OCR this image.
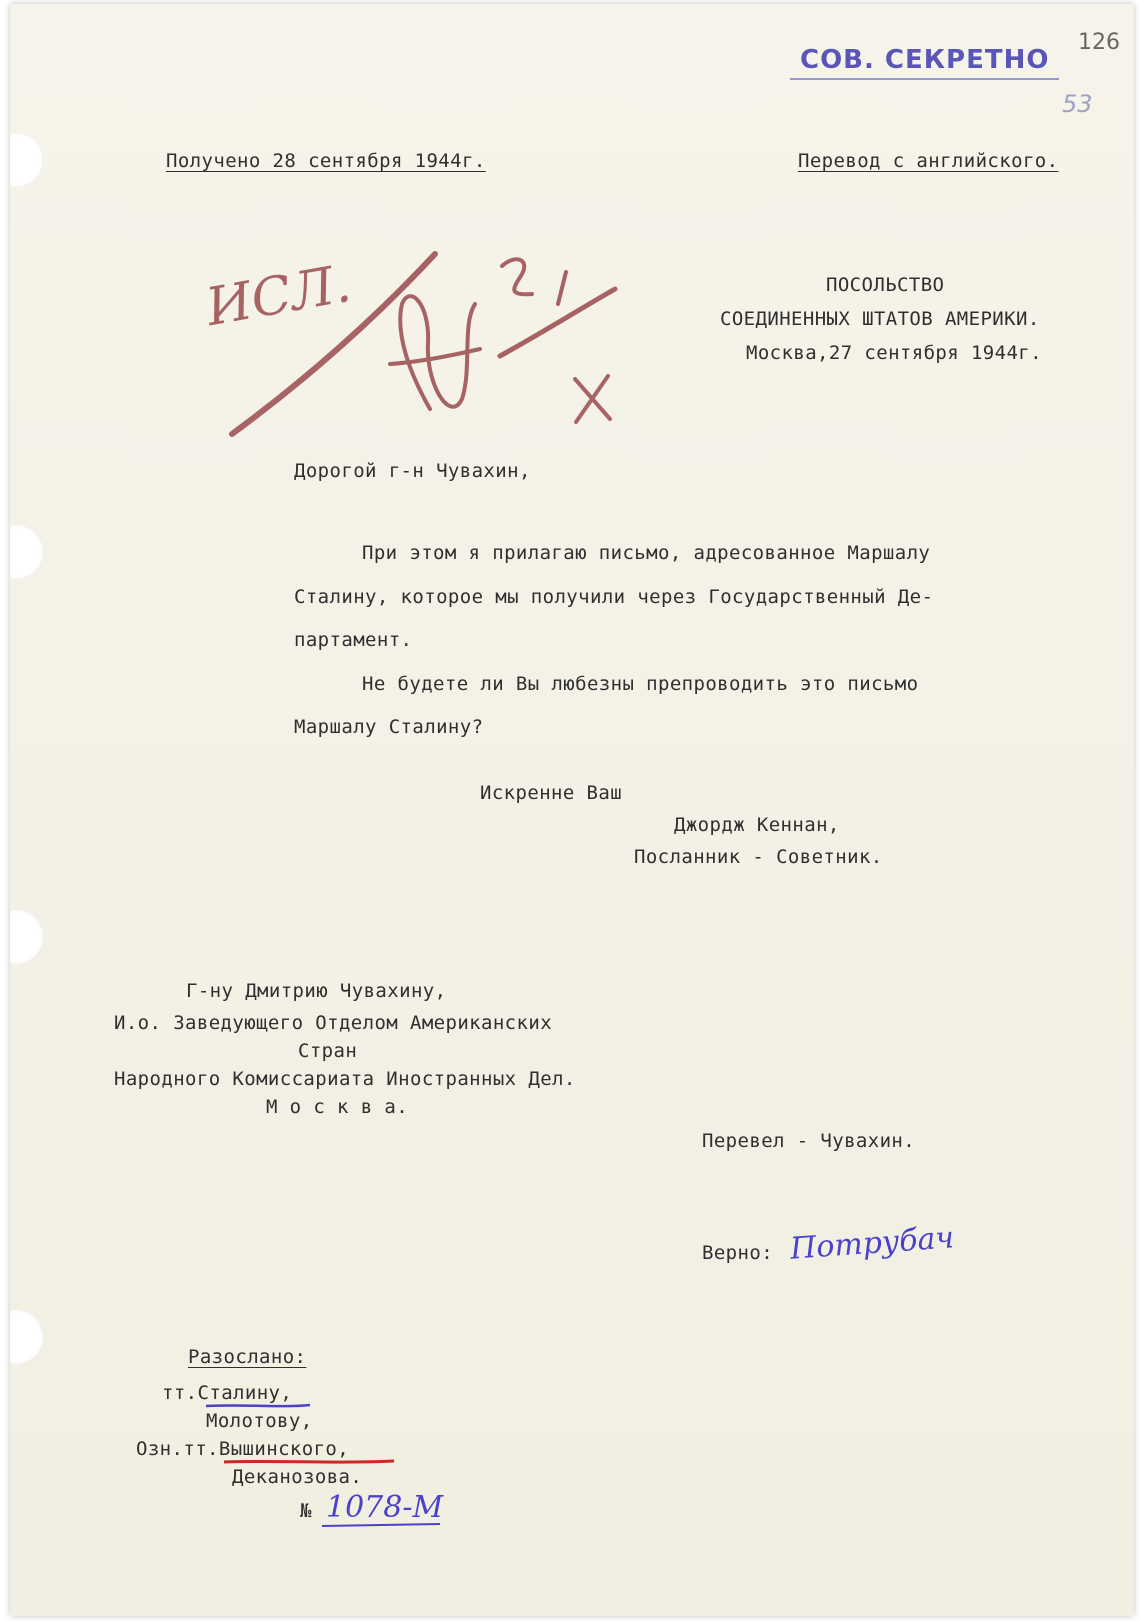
СОВ. СЕКРЕТНО
126
53
Получено 28 сентября 1944г.	Перевод с английского.
ИСЛ.	ПОСОЛЬСТВО
СОЕДИНЕННЫХ ШТАТОВ АМЕРИКИ.
Москва,27 сентября 1944г.
Дорогой г-н Чувахин,
При этом я прилагаю письмо, адресованное Маршалу
Сталину, которое мы получили через Государственный Де-
партамент.
Не будете ли Вы любезны препроводить это письмо
Маршалу Сталину?
Искренне Ваш
Джордж Кеннан,
Посланник - Советник.
Г-ну Дмитрию Чувахину,
И.о. Заведующего Отделом Американских
Стран
Народного Комиссариата Иностранных Дел.
М о с к в а.
Перевел - Чувахин.
Верно: Потрубач
Разослано:
тт.Сталину,
Молотову,
Озн.тт.Вышинского,
Деканозова.
№ 1078-М
